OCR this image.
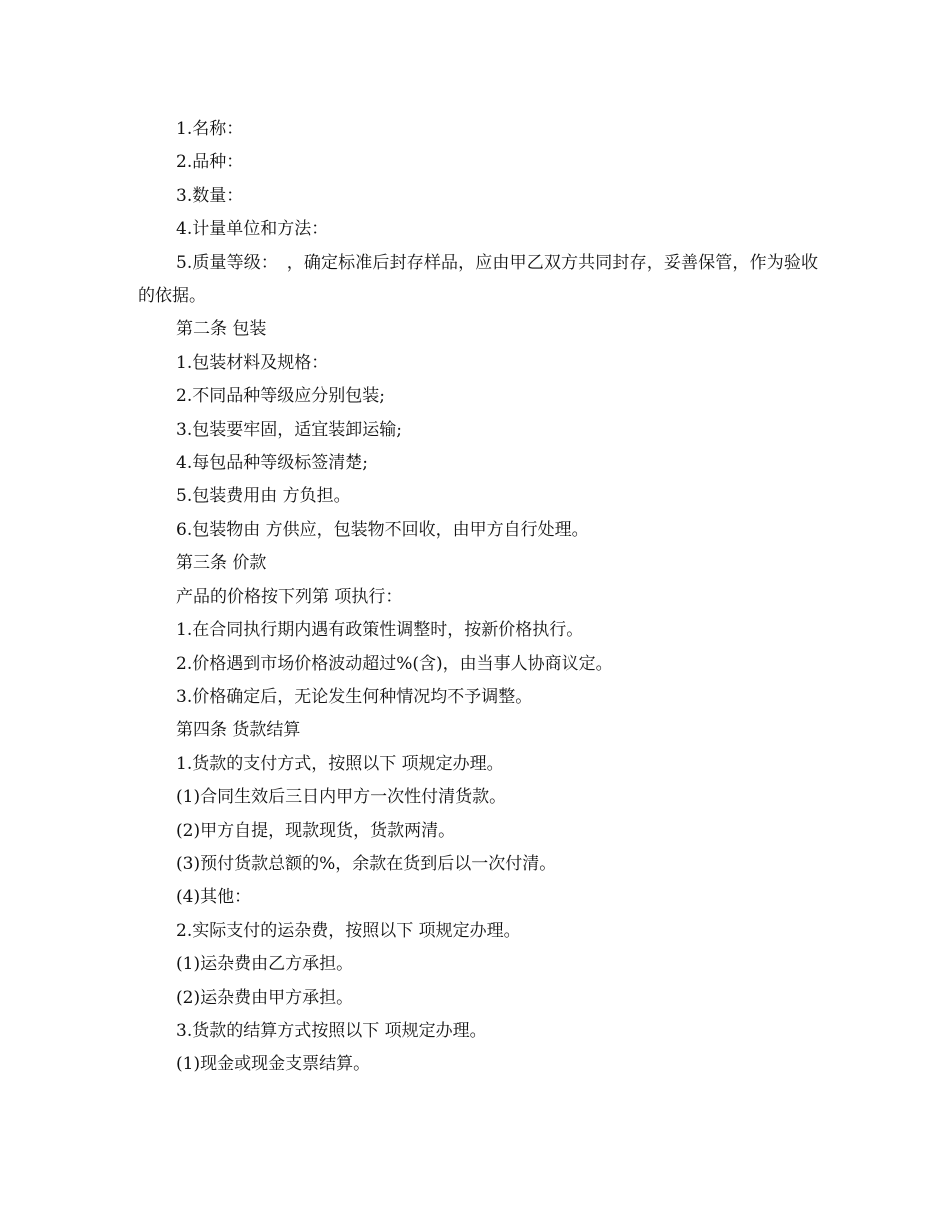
1.名称：
2.品种：
3.数量：
4.计量单位和方法：
5.质量等级：　，确定标准后封存样品，应由甲乙双方共同封存，妥善保管，作为验收的依据。
第二条 包装
1.包装材料及规格：
2.不同品种等级应分别包装;
3.包装要牢固，适宜装卸运输;
4.每包品种等级标签清楚;
5.包装费用由 方负担。
6.包装物由 方供应，包装物不回收，由甲方自行处理。
第三条 价款
产品的价格按下列第 项执行：
1.在合同执行期内遇有政策性调整时，按新价格执行。
2.价格遇到市场价格波动超过%(含)，由当事人协商议定。
3.价格确定后，无论发生何种情况均不予调整。
第四条 货款结算
1.货款的支付方式，按照以下 项规定办理。
(1)合同生效后三日内甲方一次性付清货款。
(2)甲方自提，现款现货，货款两清。
(3)预付货款总额的%，余款在货到后以一次付清。
(4)其他：
2.实际支付的运杂费，按照以下 项规定办理。
(1)运杂费由乙方承担。
(2)运杂费由甲方承担。
3.货款的结算方式按照以下 项规定办理。
(1)现金或现金支票结算。
